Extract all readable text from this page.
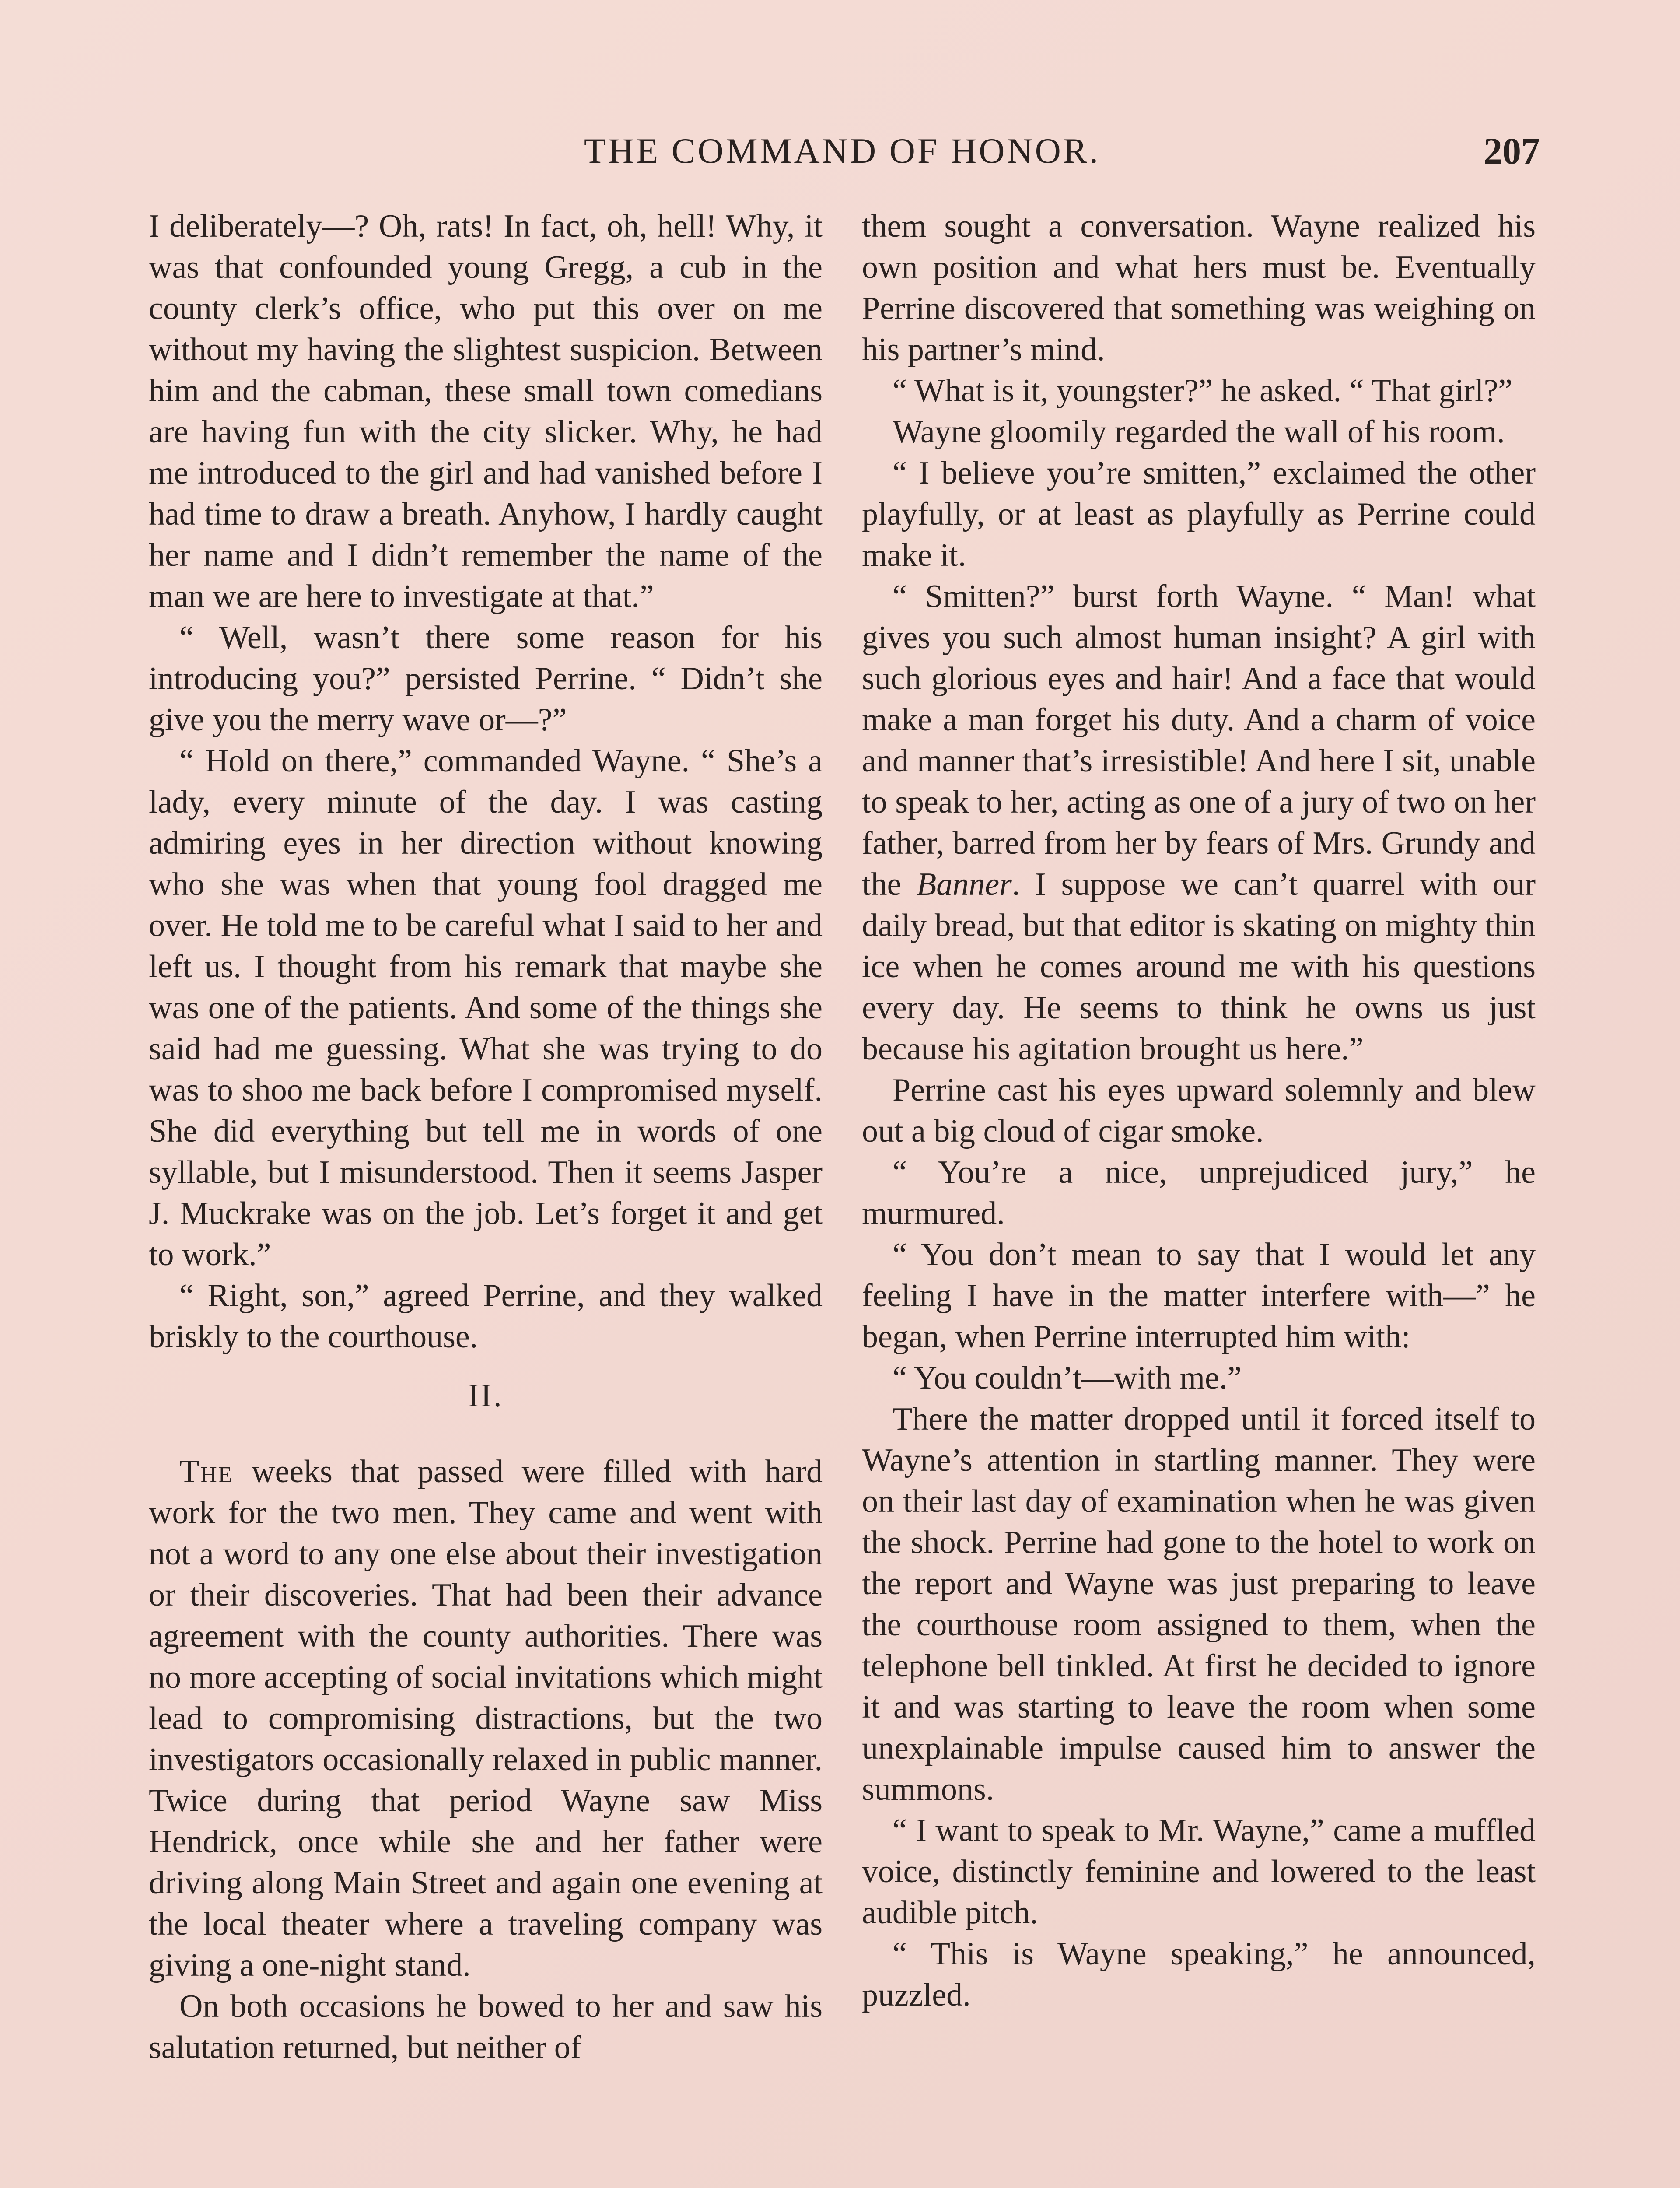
THE COMMAND OF HONOR.	207

I deliberately—? Oh, rats! In fact, oh, hell! Why, it was that confounded young Gregg, a cub in the county clerk’s office, who put this over on me without my having the slightest suspicion. Between him and the cabman, these small town comedians are having fun with the city slicker. Why, he had me introduced to the girl and had vanished before I had time to draw a breath. Anyhow, I hardly caught her name and I didn’t remember the name of the man we are here to investigate at that.”

“ Well, wasn’t there some reason for his introducing you?” persisted Perrine. “ Didn’t she give you the merry wave or—?”

“ Hold on there,” commanded Wayne. “ She’s a lady, every minute of the day. I was casting admiring eyes in her direction without knowing who she was when that young fool dragged me over. He told me to be careful what I said to her and left us. I thought from his remark that maybe she was one of the patients. And some of the things she said had me guessing. What she was trying to do was to shoo me back before I compromised myself. She did everything but tell me in words of one syllable, but I misunderstood. Then it seems Jasper J. Muckrake was on the job. Let’s forget it and get to work.”

“ Right, son,” agreed Perrine, and they walked briskly to the courthouse.

II.

The weeks that passed were filled with hard work for the two men. They came and went with not a word to any one else about their investigation or their discoveries. That had been their advance agreement with the county authorities. There was no more accepting of social invitations which might lead to compromising distractions, but the two investigators occasionally relaxed in public manner. Twice during that period Wayne saw Miss Hendrick, once while she and her father were driving along Main Street and again one evening at the local theater where a traveling company was giving a one-night stand.

On both occasions he bowed to her and saw his salutation returned, but neither of

them sought a conversation. Wayne realized his own position and what hers must be. Eventually Perrine discovered that something was weighing on his partner’s mind.

“ What is it, youngster?” he asked. “ That girl?”

Wayne gloomily regarded the wall of his room.

“ I believe you’re smitten,” exclaimed the other playfully, or at least as playfully as Perrine could make it.

“ Smitten?” burst forth Wayne. “ Man! what gives you such almost human insight? A girl with such glorious eyes and hair! And a face that would make a man forget his duty. And a charm of voice and manner that’s irresistible! And here I sit, unable to speak to her, acting as one of a jury of two on her father, barred from her by fears of Mrs. Grundy and the Banner. I suppose we can’t quarrel with our daily bread, but that editor is skating on mighty thin ice when he comes around me with his questions every day. He seems to think he owns us just because his agitation brought us here.”

Perrine cast his eyes upward solemnly and blew out a big cloud of cigar smoke.

“ You’re a nice, unprejudiced jury,” he murmured.

“ You don’t mean to say that I would let any feeling I have in the matter interfere with—” he began, when Perrine interrupted him with:

“ You couldn’t—with me.”

There the matter dropped until it forced itself to Wayne’s attention in startling manner. They were on their last day of examination when he was given the shock. Perrine had gone to the hotel to work on the report and Wayne was just preparing to leave the courthouse room assigned to them, when the telephone bell tinkled. At first he decided to ignore it and was starting to leave the room when some unexplainable impulse caused him to answer the summons.

“ I want to speak to Mr. Wayne,” came a muffled voice, distinctly feminine and lowered to the least audible pitch.

“ This is Wayne speaking,” he announced, puzzled.
